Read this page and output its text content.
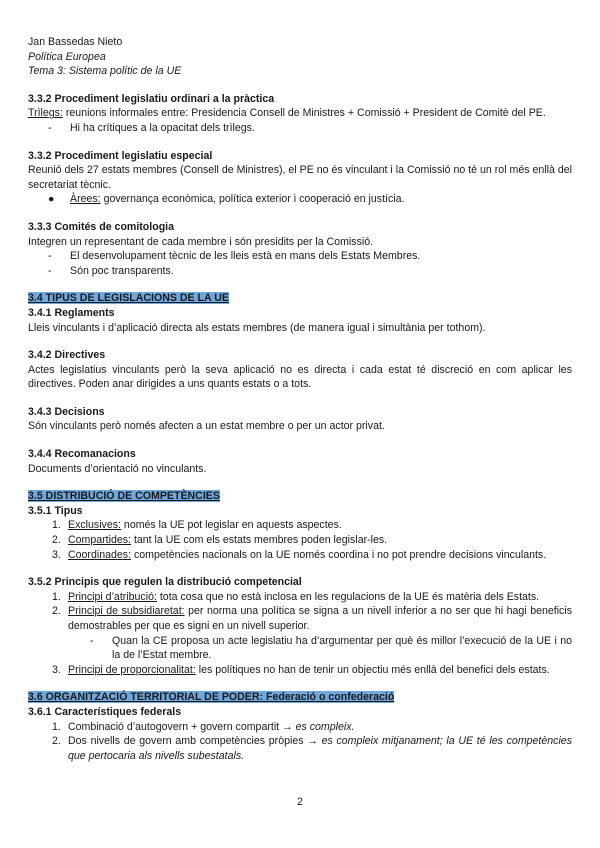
Jan Bassedas Nieto
Política Europea
Tema 3: Sistema polític de la UE
3.3.2 Procediment legislatiu ordinari a la pràctica
Trìlegs: reunions informales entre: Presidencia Consell de Ministres + Comissió + President de Comitè del PE.
-	Hi ha crítiques a la opacitat dels trìlegs.
3.3.2 Procediment legislatiu especial
Reunió dels 27 estats membres (Consell de Ministres), el PE no és vinculant i la Comissió no té un rol més enllà del secretariat tècnic.
●	Àrees: governança econòmica, política exterior i cooperació en justícia.
3.3.3 Comités de comitologia
Integren un representant de cada membre i són presidits per la Comissió.
-	El desenvolupament tècnic de les lleis està en mans dels Estats Membres.
-	Són poc transparents.
3.4 TIPUS DE LEGISLACIONS DE LA UE
3.4.1 Reglaments
Lleis vinculants i d’aplicació directa als estats membres (de manera igual i simultània per tothom).
3.4.2 Directives
Actes legislatius vinculants però la seva aplicació no es directa i cada estat té discreció en com aplicar les directives. Poden anar dirigides a uns quants estats o a tots.
3.4.3 Decisions
Són vinculants però només afecten a un estat membre o per un actor privat.
3.4.4 Recomanacions
Documents d’orientació no vinculants.
3.5 DISTRIBUCIÓ DE COMPETÈNCIES
3.5.1 Tipus
1. Exclusives: només la UE pot legislar en aquests aspectes.
2. Compartides: tant la UE com els estats membres poden legislar-les.
3. Coordinades: competències nacionals on la UE només coordina i no pot prendre decisions vinculants.
3.5.2 Principis que regulen la distribució competencial
1. Principi d’atribució: tota cosa que no està inclosa en les regulacions de la UE és matèria dels Estats.
2. Principi de subsidiaretat: per norma una política se signa a un nivell inferior a no ser que hi hagi beneficis demostrables per que es signi en un nivell superior.
-	Quan la CE proposa un acte legislatiu ha d’argumentar per què és millor l’execució de la UE i no la de l’Estat membre.
3. Principi de proporcionalitat: les polítiques no han de tenir un objectiu més enllà del benefici dels estats.
3.6 ORGANITZACIÓ TERRITORIAL DE PODER: Federació o confederació
3.6.1 Característiques federals
1. Combinació d’autogovern + govern compartit → es compleix.
2. Dos nivells de govern amb competències pròpies → es compleix mitjanament; la UE té les competències que pertocaria als nivells subestatals.
2
